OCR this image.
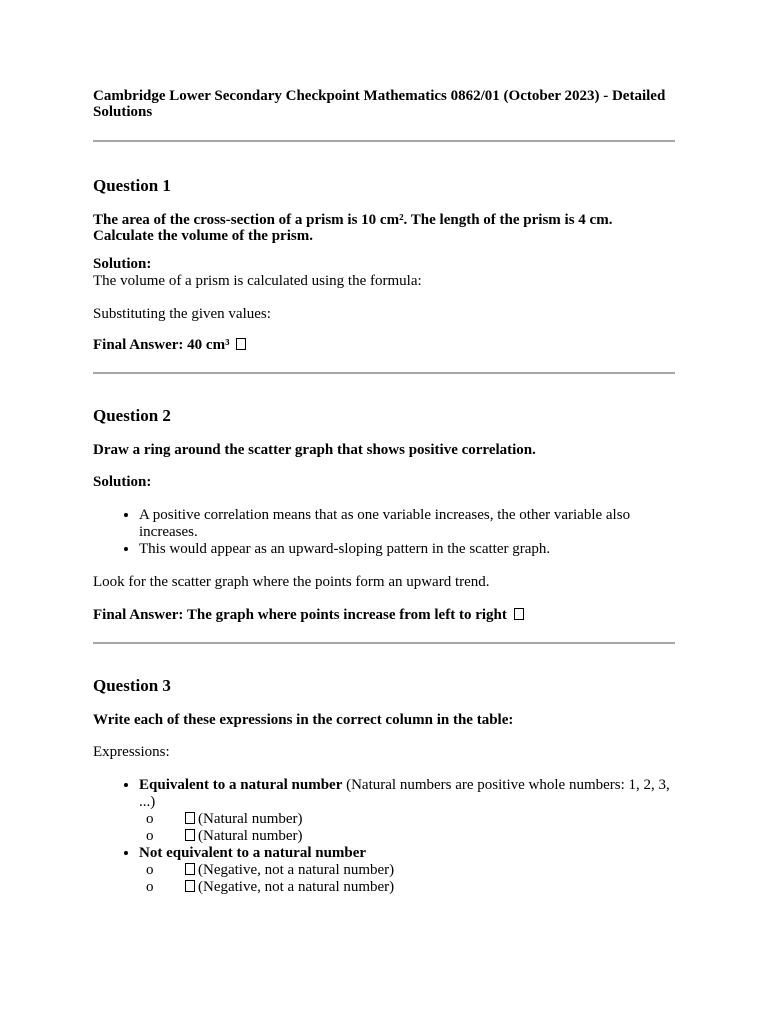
Cambridge Lower Secondary Checkpoint Mathematics 0862/01 (October 2023) - Detailed Solutions

Question 1

The area of the cross-section of a prism is 10 cm². The length of the prism is 4 cm. Calculate the volume of the prism.

Solution:

The volume of a prism is calculated using the formula:

Substituting the given values:

Final Answer: 40 cm³

Question 2

Draw a ring around the scatter graph that shows positive correlation.

Solution:

• A positive correlation means that as one variable increases, the other variable also increases.
• This would appear as an upward-sloping pattern in the scatter graph.

Look for the scatter graph where the points form an upward trend.

Final Answer: The graph where points increase from left to right

Question 3

Write each of these expressions in the correct column in the table:

Expressions:

• Equivalent to a natural number (Natural numbers are positive whole numbers: 1, 2, 3, ...)
o (Natural number)
o (Natural number)
• Not equivalent to a natural number
o (Negative, not a natural number)
o (Negative, not a natural number)
